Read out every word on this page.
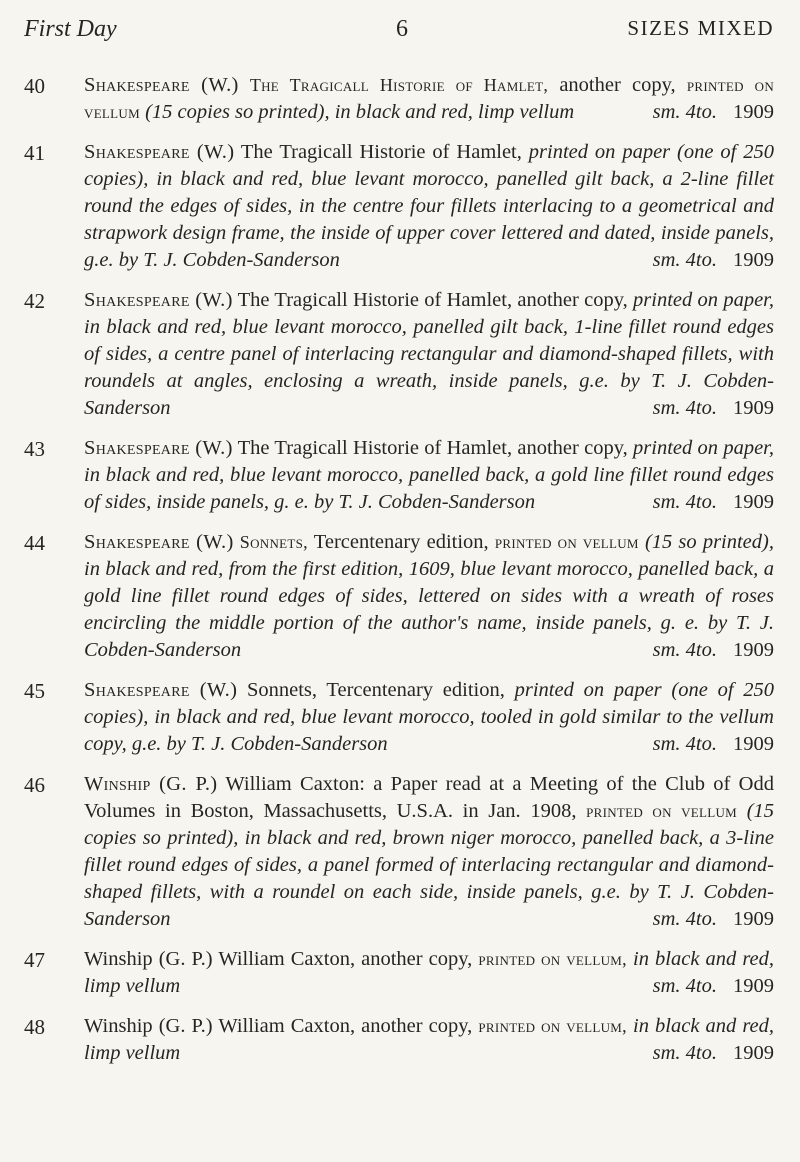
First Day	6	SIZES MIXED
40	Shakespeare (W.) The Tragicall Historie of Hamlet, another copy, printed on vellum (15 copies so printed), in black and red, limp vellum	sm. 4to. 1909
41	Shakespeare (W.) The Tragicall Historie of Hamlet, printed on paper (one of 250 copies), in black and red, blue levant morocco, panelled gilt back, a 2-line fillet round the edges of sides, in the centre four fillets interlacing to a geometrical and strapwork design frame, the inside of upper cover lettered and dated, inside panels, g.e. by T. J. Cobden-Sanderson	sm. 4to. 1909
42	Shakespeare (W.) The Tragicall Historie of Hamlet, another copy, printed on paper, in black and red, blue levant morocco, panelled gilt back, 1-line fillet round edges of sides, a centre panel of interlacing rectangular and diamond-shaped fillets, with roundels at angles, enclosing a wreath, inside panels, g.e. by T. J. Cobden-Sanderson	sm. 4to. 1909
43	Shakespeare (W.) The Tragicall Historie of Hamlet, another copy, printed on paper, in black and red, blue levant morocco, panelled back, a gold line fillet round edges of sides, inside panels, g. e. by T. J. Cobden-Sanderson	sm. 4to. 1909
44	Shakespeare (W.) Sonnets, Tercentenary edition, printed on vellum (15 so printed), in black and red, from the first edition, 1609, blue levant morocco, panelled back, a gold line fillet round edges of sides, lettered on sides with a wreath of roses encircling the middle portion of the author's name, inside panels, g. e. by T. J. Cobden-Sanderson	sm. 4to. 1909
45	Shakespeare (W.) Sonnets, Tercentenary edition, printed on paper (one of 250 copies), in black and red, blue levant morocco, tooled in gold similar to the vellum copy, g.e. by T. J. Cobden-Sanderson	sm. 4to. 1909
46	Winship (G. P.) William Caxton: a Paper read at a Meeting of the Club of Odd Volumes in Boston, Massachusetts, U.S.A. in Jan. 1908, printed on vellum (15 copies so printed), in black and red, brown niger morocco, panelled back, a 3-line fillet round edges of sides, a panel formed of interlacing rectangular and diamond-shaped fillets, with a roundel on each side, inside panels, g.e. by T. J. Cobden-Sanderson	sm. 4to. 1909
47	Winship (G. P.) William Caxton, another copy, printed on vellum, in black and red, limp vellum	sm. 4to. 1909
48	Winship (G. P.) William Caxton, another copy, printed on vellum, in black and red, limp vellum	sm. 4to. 1909
